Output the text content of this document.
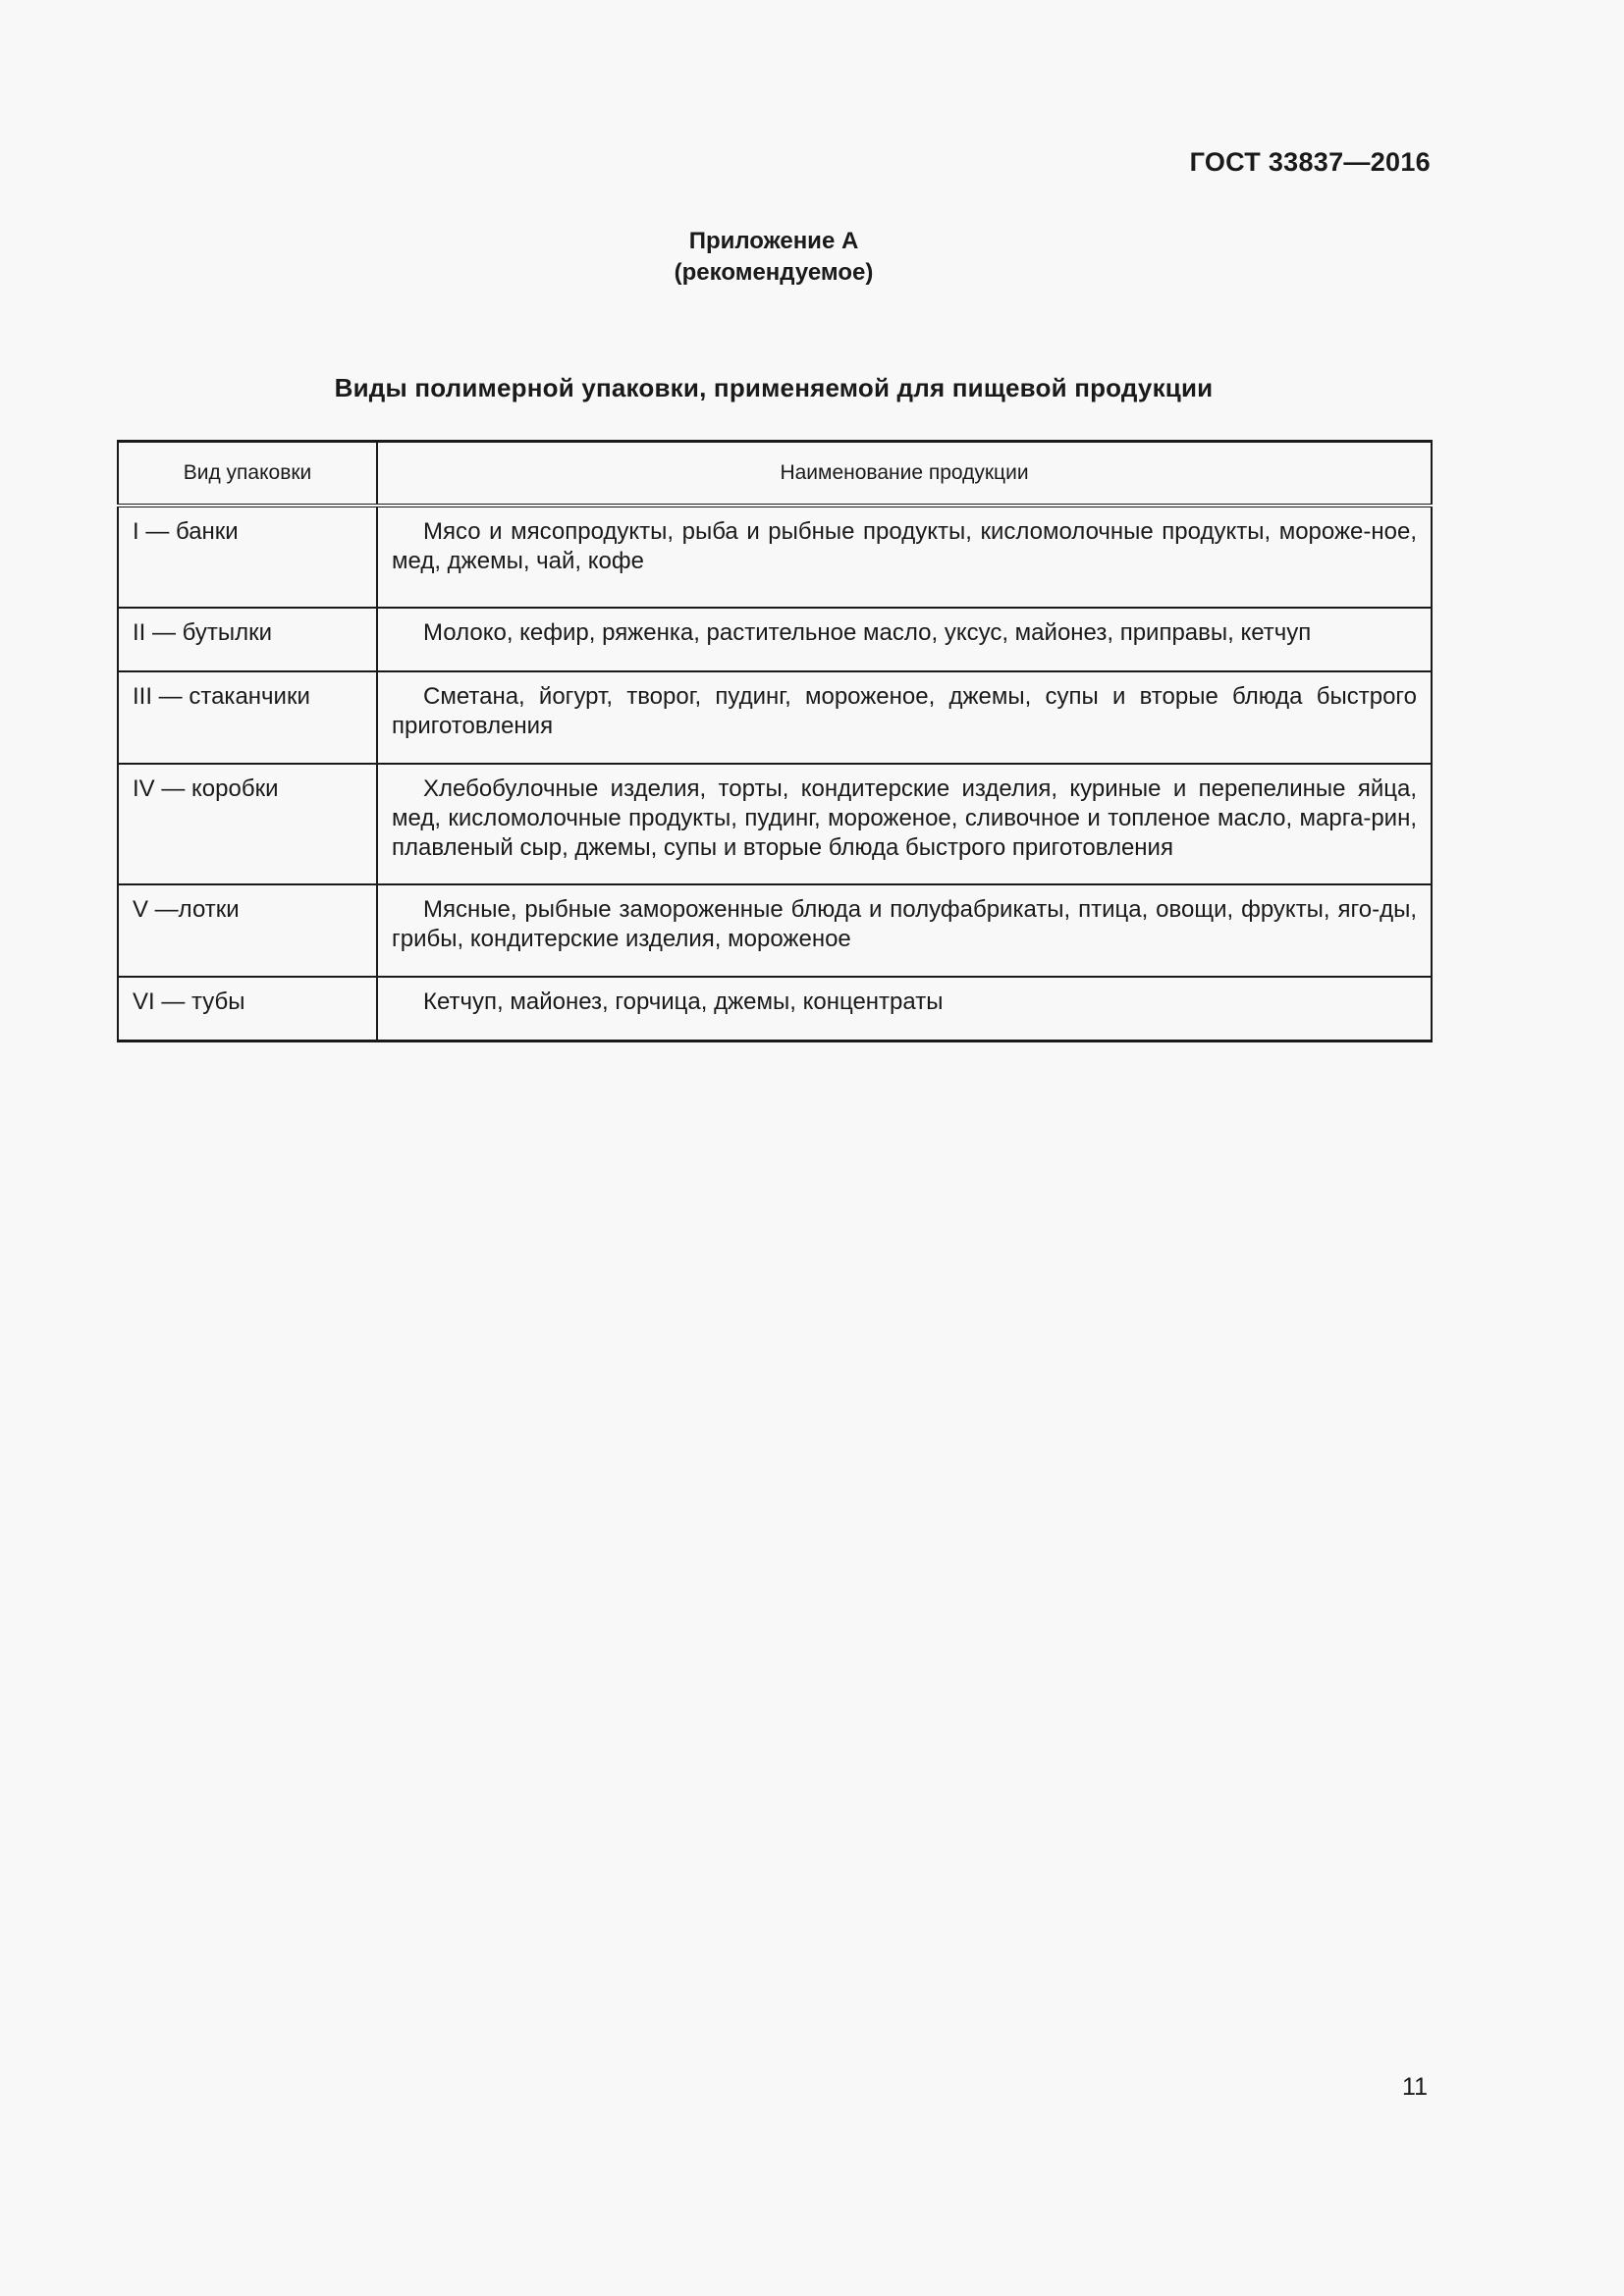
ГОСТ 33837—2016
Приложение А
(рекомендуемое)
Виды полимерной упаковки, применяемой для пищевой продукции
Вид упаковки	Наименование продукции
I — банки	Мясо и мясопродукты, рыба и рыбные продукты, кисломолочные продукты, мороже-ное, мед, джемы, чай, кофе
II — бутылки	Молоко, кефир, ряженка, растительное масло, уксус, майонез, приправы, кетчуп
III — стаканчики	Сметана, йогурт, творог, пудинг, мороженое, джемы, супы и вторые блюда быстрого приготовления
IV — коробки	Хлебобулочные изделия, торты, кондитерские изделия, куриные и перепелиные яйца, мед, кисломолочные продукты, пудинг, мороженое, сливочное и топленое масло, марга-рин, плавленый сыр, джемы, супы и вторые блюда быстрого приготовления
V —лотки	Мясные, рыбные замороженные блюда и полуфабрикаты, птица, овощи, фрукты, яго-ды, грибы, кондитерские изделия, мороженое
VI — тубы	Кетчуп, майонез, горчица, джемы, концентраты
11
